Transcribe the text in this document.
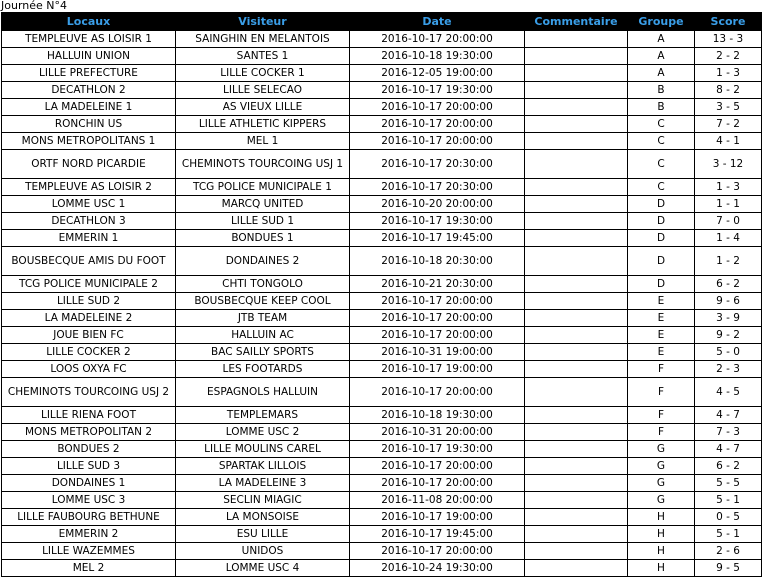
Journée N°4
Locaux	Visiteur	Date	Commentaire	Groupe	Score
TEMPLEUVE AS LOISIR 1	SAINGHIN EN MELANTOIS	2016-10-17 20:00:00		A	13 - 3
HALLUIN UNION	SANTES 1	2016-10-18 19:30:00		A	2 - 2
LILLE PREFECTURE	LILLE COCKER 1	2016-12-05 19:00:00		A	1 - 3
DECATHLON 2	LILLE SELECAO	2016-10-17 19:30:00		B	8 - 2
LA MADELEINE 1	AS VIEUX LILLE	2016-10-17 20:00:00		B	3 - 5
RONCHIN US	LILLE ATHLETIC KIPPERS	2016-10-17 20:00:00		C	7 - 2
MONS METROPOLITANS 1	MEL 1	2016-10-17 20:00:00		C	4 - 1
ORTF NORD PICARDIE	CHEMINOTS TOURCOING USJ 1	2016-10-17 20:30:00		C	3 - 12
TEMPLEUVE AS LOISIR 2	TCG POLICE MUNICIPALE 1	2016-10-17 20:30:00		C	1 - 3
LOMME USC 1	MARCQ UNITED	2016-10-20 20:00:00		D	1 - 1
DECATHLON 3	LILLE SUD 1	2016-10-17 19:30:00		D	7 - 0
EMMERIN 1	BONDUES 1	2016-10-17 19:45:00		D	1 - 4
BOUSBECQUE AMIS DU FOOT	DONDAINES 2	2016-10-18 20:30:00		D	1 - 2
TCG POLICE MUNICIPALE 2	CHTI TONGOLO	2016-10-21 20:30:00		D	6 - 2
LILLE SUD 2	BOUSBECQUE KEEP COOL	2016-10-17 20:00:00		E	9 - 6
LA MADELEINE 2	JTB TEAM	2016-10-17 20:00:00		E	3 - 9
JOUE BIEN FC	HALLUIN AC	2016-10-17 20:00:00		E	9 - 2
LILLE COCKER 2	BAC SAILLY SPORTS	2016-10-31 19:00:00		E	5 - 0
LOOS OXYA FC	LES FOOTARDS	2016-10-17 19:00:00		F	2 - 3
CHEMINOTS TOURCOING USJ 2	ESPAGNOLS HALLUIN	2016-10-17 20:00:00		F	4 - 5
LILLE RIENA FOOT	TEMPLEMARS	2016-10-18 19:30:00		F	4 - 7
MONS METROPOLITAN 2	LOMME USC 2	2016-10-31 20:00:00		F	7 - 3
BONDUES 2	LILLE MOULINS CAREL	2016-10-17 19:30:00		G	4 - 7
LILLE SUD 3	SPARTAK LILLOIS	2016-10-17 20:00:00		G	6 - 2
DONDAINES 1	LA MADELEINE 3	2016-10-17 20:00:00		G	5 - 5
LOMME USC 3	SECLIN MIAGIC	2016-11-08 20:00:00		G	5 - 1
LILLE FAUBOURG BETHUNE	LA MONSOISE	2016-10-17 19:00:00		H	0 - 5
EMMERIN 2	ESU LILLE	2016-10-17 19:45:00		H	5 - 1
LILLE WAZEMMES	UNIDOS	2016-10-17 20:00:00		H	2 - 6
MEL 2	LOMME USC 4	2016-10-24 19:30:00		H	9 - 5
